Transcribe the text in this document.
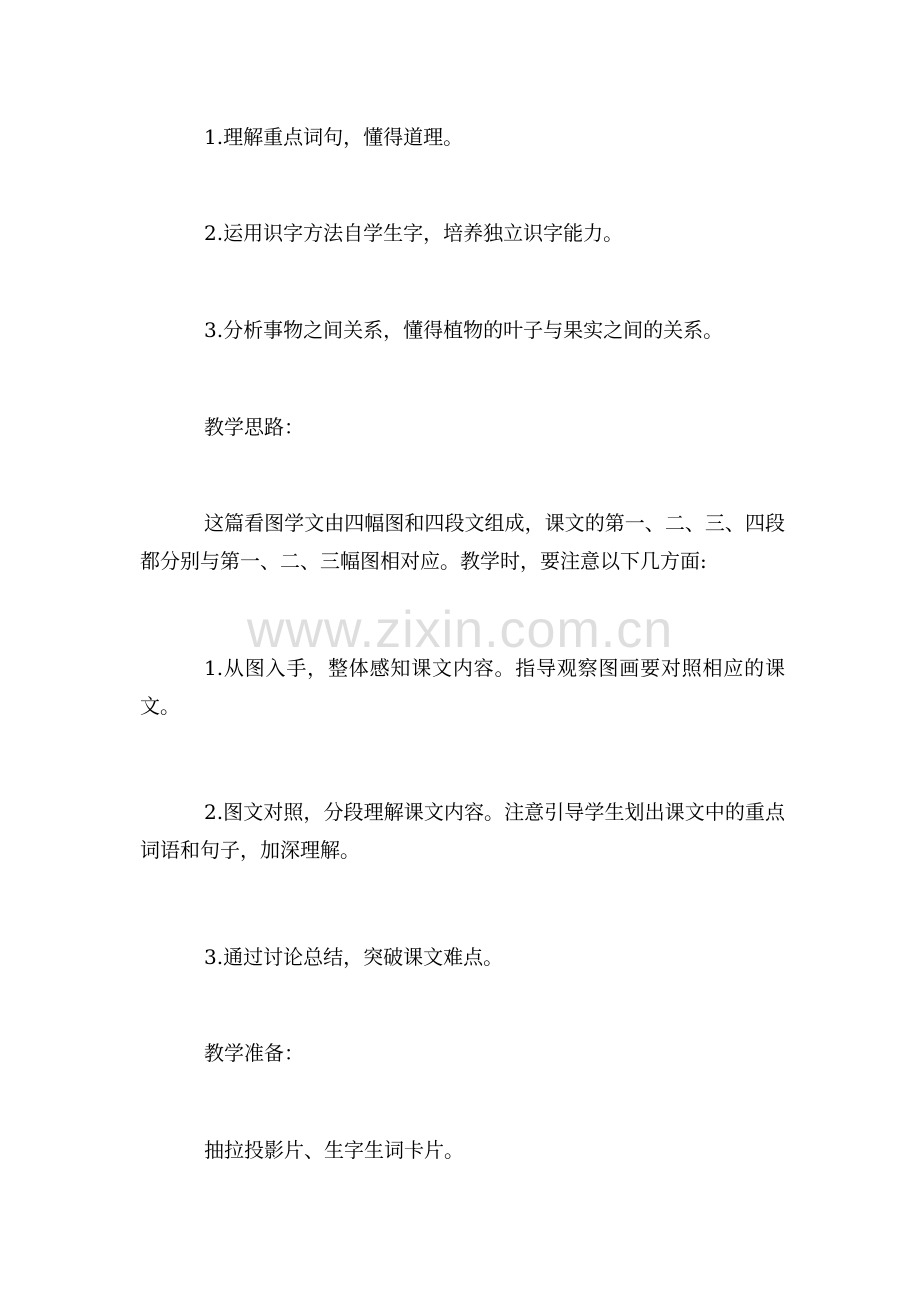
1.理解重点词句，懂得道理。

2.运用识字方法自学生字，培养独立识字能力。

3.分析事物之间关系，懂得植物的叶子与果实之间的关系。

教学思路：

这篇看图学文由四幅图和四段文组成，课文的第一、二、三、四段都分别与第一、二、三幅图相对应。教学时，要注意以下几方面:

1.从图入手，整体感知课文内容。指导观察图画要对照相应的课文。

2.图文对照，分段理解课文内容。注意引导学生划出课文中的重点词语和句子，加深理解。

3.通过讨论总结，突破课文难点。

教学准备：

抽拉投影片、生字生词卡片。

www.zixin.com.cn
